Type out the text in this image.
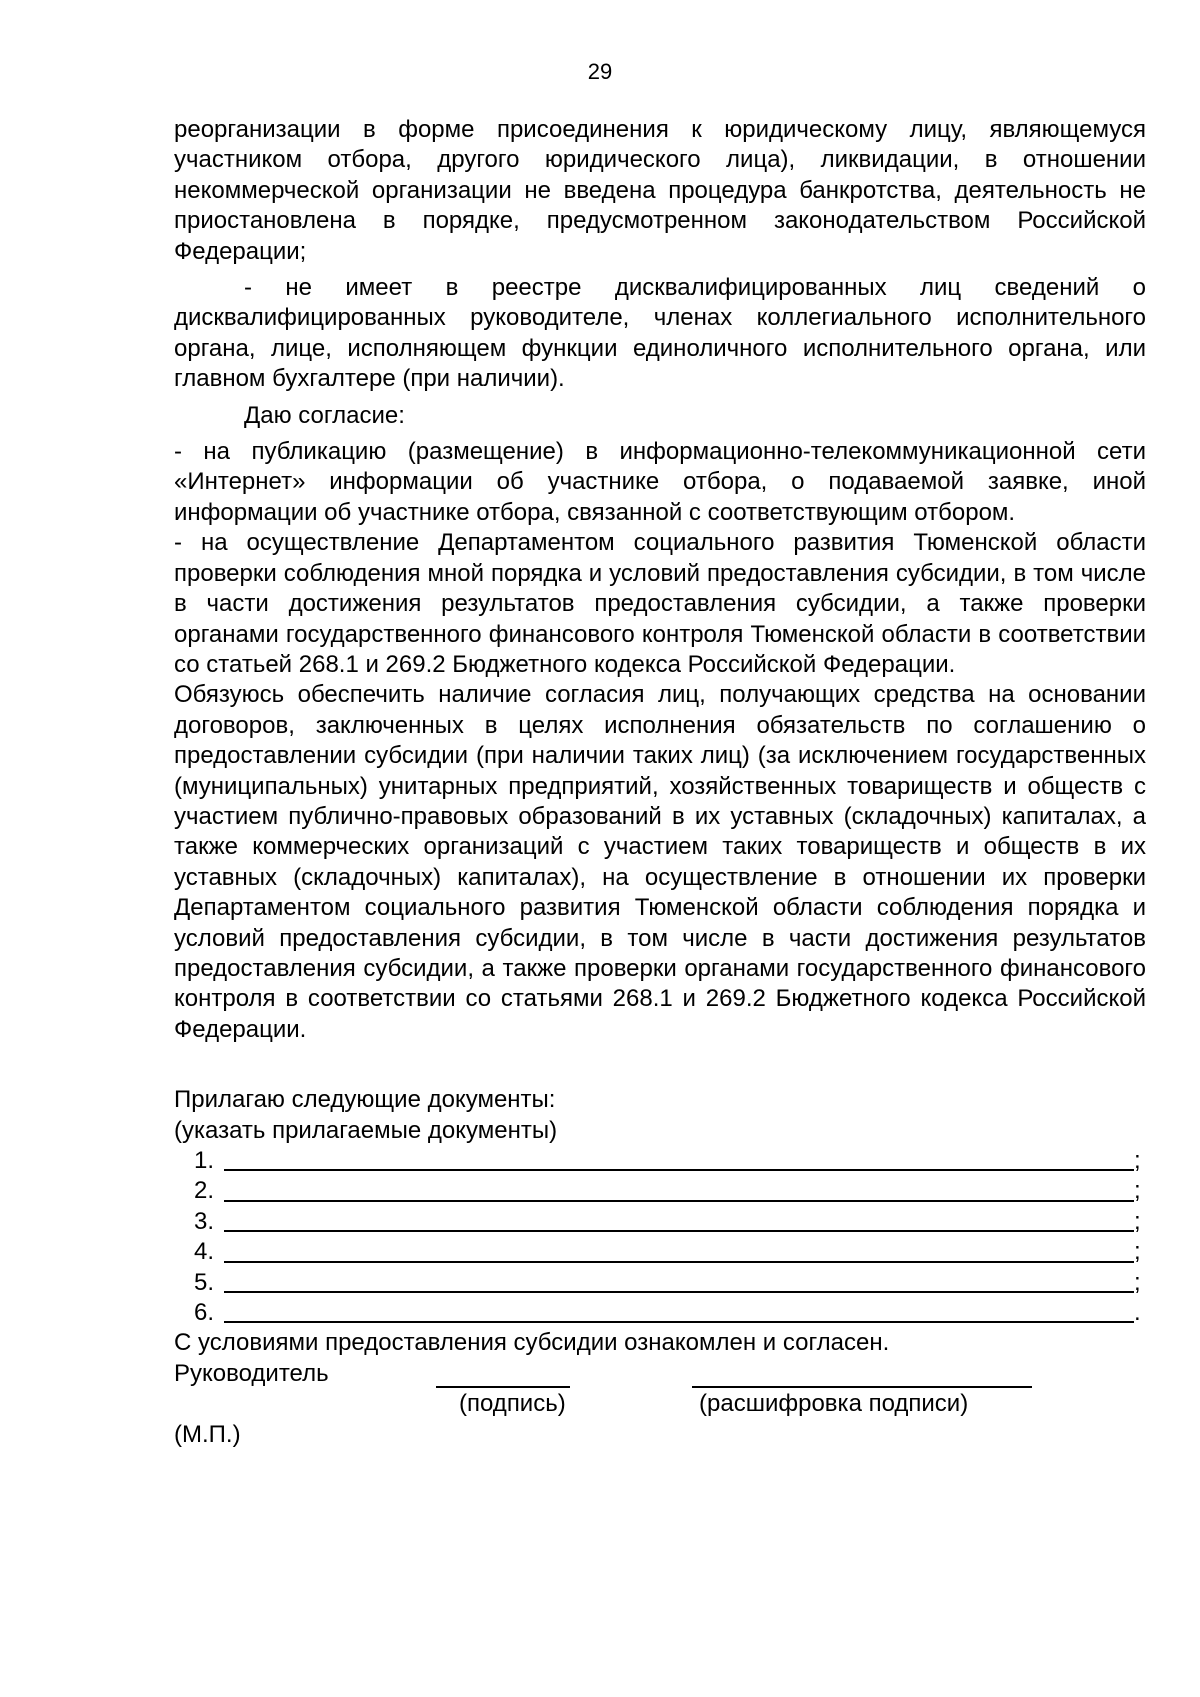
29

реорганизации в форме присоединения к юридическому лицу, являющемуся участником отбора, другого юридического лица), ликвидации, в отношении некоммерческой организации не введена процедура банкротства, деятельность не приостановлена в порядке, предусмотренном законодательством Российской Федерации;

- не имеет в реестре дисквалифицированных лиц сведений о дисквалифицированных руководителе, членах коллегиального исполнительного органа, лице, исполняющем функции единоличного исполнительного органа, или главном бухгалтере (при наличии).

Даю согласие:

- на публикацию (размещение) в информационно-телекоммуникационной сети «Интернет» информации об участнике отбора, о подаваемой заявке, иной информации об участнике отбора, связанной с соответствующим отбором.

- на осуществление Департаментом социального развития Тюменской области проверки соблюдения мной порядка и условий предоставления субсидии, в том числе в части достижения результатов предоставления субсидии, а также проверки органами государственного финансового контроля Тюменской области в соответствии со статьей 268.1 и 269.2 Бюджетного кодекса Российской Федерации.

Обязуюсь обеспечить наличие согласия лиц, получающих средства на основании договоров, заключенных в целях исполнения обязательств по соглашению о предоставлении субсидии (при наличии таких лиц) (за исключением государственных (муниципальных) унитарных предприятий, хозяйственных товариществ и обществ с участием публично-правовых образований в их уставных (складочных) капиталах, а также коммерческих организаций с участием таких товариществ и обществ в их уставных (складочных) капиталах), на осуществление в отношении их проверки Департаментом социального развития Тюменской области соблюдения порядка и условий предоставления субсидии, в том числе в части достижения результатов предоставления субсидии, а также проверки органами государственного финансового контроля в соответствии со статьями 268.1 и 269.2 Бюджетного кодекса Российской Федерации.

Прилагаю следующие документы:
(указать прилагаемые документы)
1.	;
2.	;
3.	;
4.	;
5.	;
6.	.
С условиями предоставления субсидии ознакомлен и согласен.
Руководитель
(подпись)	(расшифровка подписи)
(М.П.)
